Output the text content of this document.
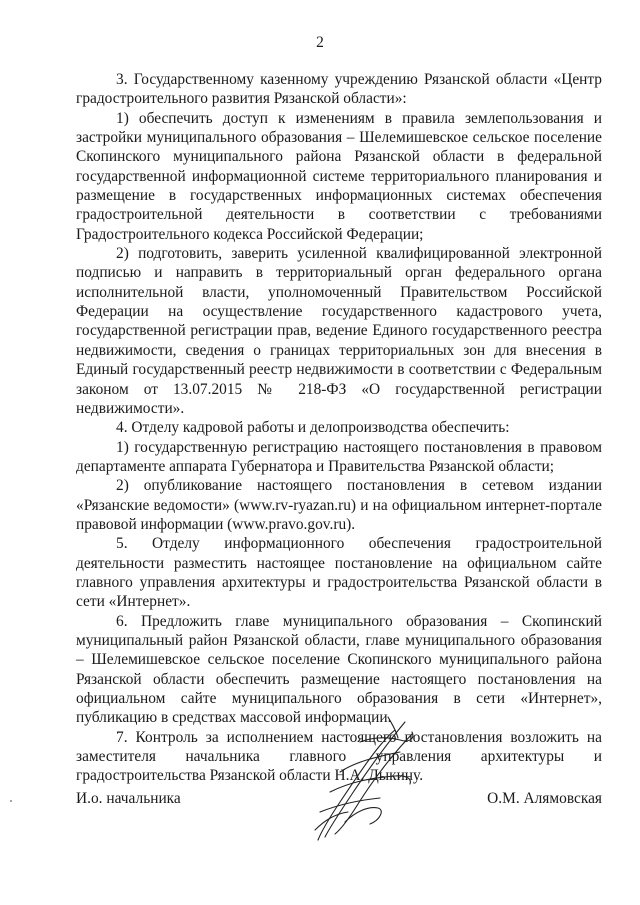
2

3. Государственному казенному учреждению Рязанской области «Центр градостроительного развития Рязанской области»:

1) обеспечить доступ к изменениям в правила землепользования и застройки муниципального образования – Шелемишевское сельское поселение Скопинского муниципального района Рязанской области в федеральной государственной информационной системе территориального планирования и размещение в государственных информационных системах обеспечения градостроительной деятельности в соответствии с требованиями Градостроительного кодекса Российской Федерации;

2) подготовить, заверить усиленной квалифицированной электронной подписью и направить в территориальный орган федерального органа исполнительной власти, уполномоченный Правительством Российской Федерации на осуществление государственного кадастрового учета, государственной регистрации прав, ведение Единого государственного реестра недвижимости, сведения о границах территориальных зон для внесения в Единый государственный реестр недвижимости в соответствии с Федеральным законом от 13.07.2015 № 218-ФЗ «О государственной регистрации недвижимости».

4. Отделу кадровой работы и делопроизводства обеспечить:

1) государственную регистрацию настоящего постановления в правовом департаменте аппарата Губернатора и Правительства Рязанской области;

2) опубликование настоящего постановления в сетевом издании «Рязанские ведомости» (www.rv-ryazan.ru) и на официальном интернет-портале правовой информации (www.pravo.gov.ru).

5. Отделу информационного обеспечения градостроительной деятельности разместить настоящее постановление на официальном сайте главного управления архитектуры и градостроительства Рязанской области в сети «Интернет».

6. Предложить главе муниципального образования – Скопинский муниципальный район Рязанской области, главе муниципального образования – Шелемишевское сельское поселение Скопинского муниципального района Рязанской области обеспечить размещение настоящего постановления на официальном сайте муниципального образования в сети «Интернет», публикацию в средствах массовой информации.

7. Контроль за исполнением настоящего постановления возложить на заместителя начальника главного управления архитектуры и градостроительства Рязанской области Н.А. Дыкину.

И.о. начальника	О.М. Алямовская
